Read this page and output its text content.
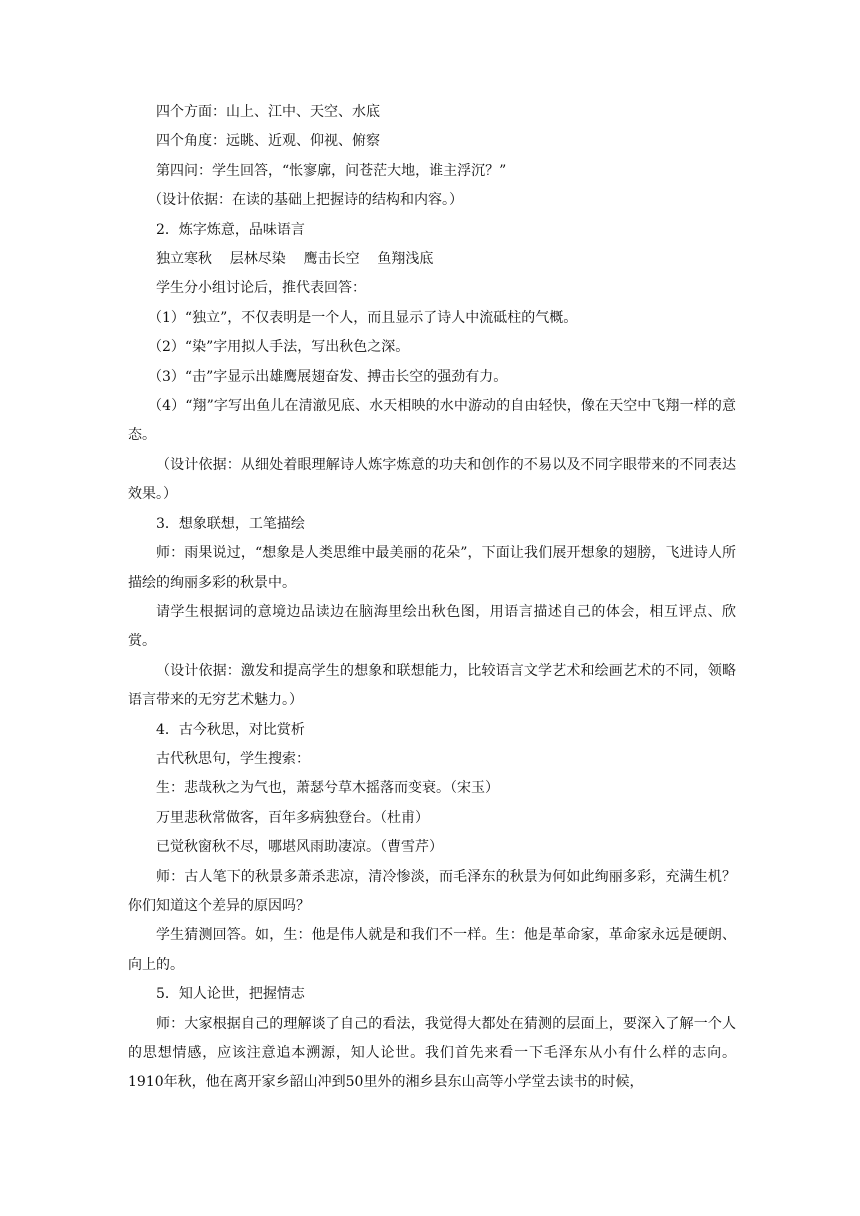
四个方面：山上、江中、天空、水底

四个角度：远眺、近观、仰视、俯察

第四问：学生回答，“怅寥廓，问苍茫大地，谁主浮沉？”

（设计依据：在读的基础上把握诗的结构和内容。）

2．炼字炼意，品味语言

独立寒秋    层林尽染    鹰击长空    鱼翔浅底

学生分小组讨论后，推代表回答：

（1）“独立”，不仅表明是一个人，而且显示了诗人中流砥柱的气概。

（2）“染”字用拟人手法，写出秋色之深。

（3）“击”字显示出雄鹰展翅奋发、搏击长空的强劲有力。

（4）“翔”字写出鱼儿在清澈见底、水天相映的水中游动的自由轻快，像在天空中飞翔一样的意态。

（设计依据：从细处着眼理解诗人炼字炼意的功夫和创作的不易以及不同字眼带来的不同表达效果。）

3．想象联想，工笔描绘

师：雨果说过，“想象是人类思维中最美丽的花朵”，下面让我们展开想象的翅膀，飞进诗人所描绘的绚丽多彩的秋景中。

请学生根据词的意境边品读边在脑海里绘出秋色图，用语言描述自己的体会，相互评点、欣赏。

（设计依据：激发和提高学生的想象和联想能力，比较语言文学艺术和绘画艺术的不同，领略语言带来的无穷艺术魅力。）

4．古今秋思，对比赏析

古代秋思句，学生搜索：

生：悲哉秋之为气也，萧瑟兮草木摇落而变衰。（宋玉）

万里悲秋常做客，百年多病独登台。（杜甫）

已觉秋窗秋不尽，哪堪风雨助凄凉。（曹雪芹）

师：古人笔下的秋景多萧杀悲凉，清冷惨淡，而毛泽东的秋景为何如此绚丽多彩，充满生机？你们知道这个差异的原因吗？

学生猜测回答。如，生：他是伟人就是和我们不一样。生：他是革命家，革命家永远是硬朗、向上的。

5．知人论世，把握情志

师：大家根据自己的理解谈了自己的看法，我觉得大都处在猜测的层面上，要深入了解一个人的思想情感，应该注意追本溯源，知人论世。我们首先来看一下毛泽东从小有什么样的志向。1910年秋，他在离开家乡韶山冲到50里外的湘乡县东山高等小学堂去读书的时候，
